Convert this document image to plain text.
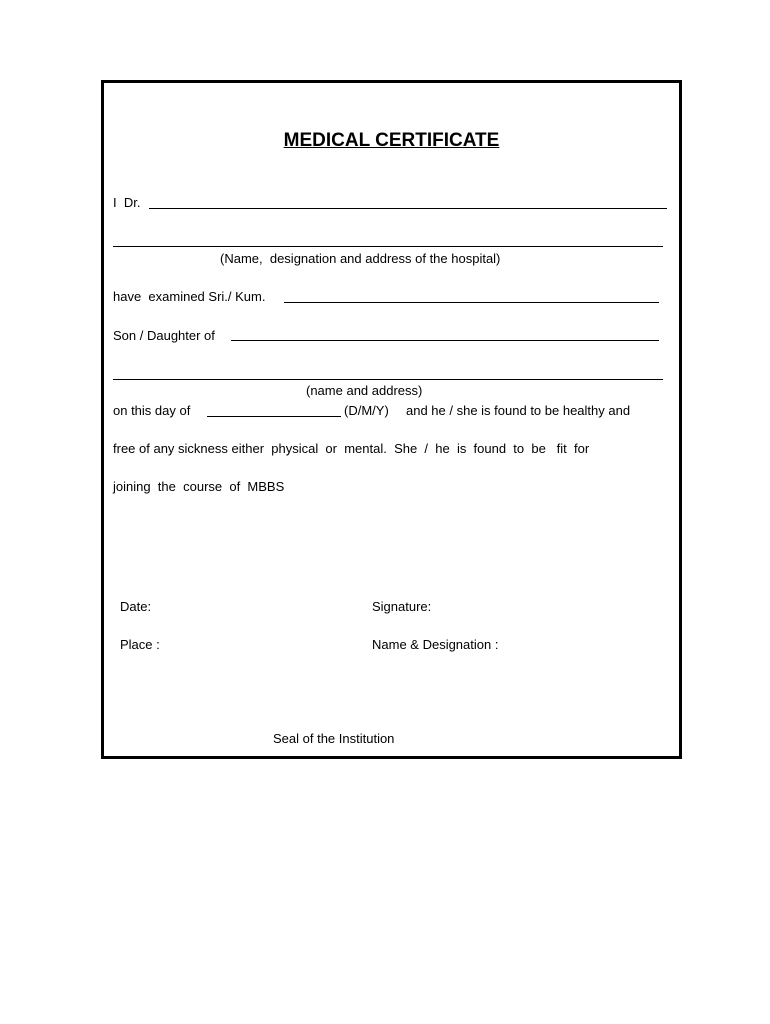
MEDICAL CERTIFICATE
I  Dr.
(Name,  designation and address of the hospital)
have  examined Sri./ Kum.
Son / Daughter of
(name and address)
on this day of	(D/M/Y) and he / she is found to be healthy and
free of any sickness either  physical  or  mental.  She  /  he  is  found  to  be   fit  for
joining  the  course  of  MBBS
Date:	Signature:
Place :	Name & Designation :
Seal of the Institution
